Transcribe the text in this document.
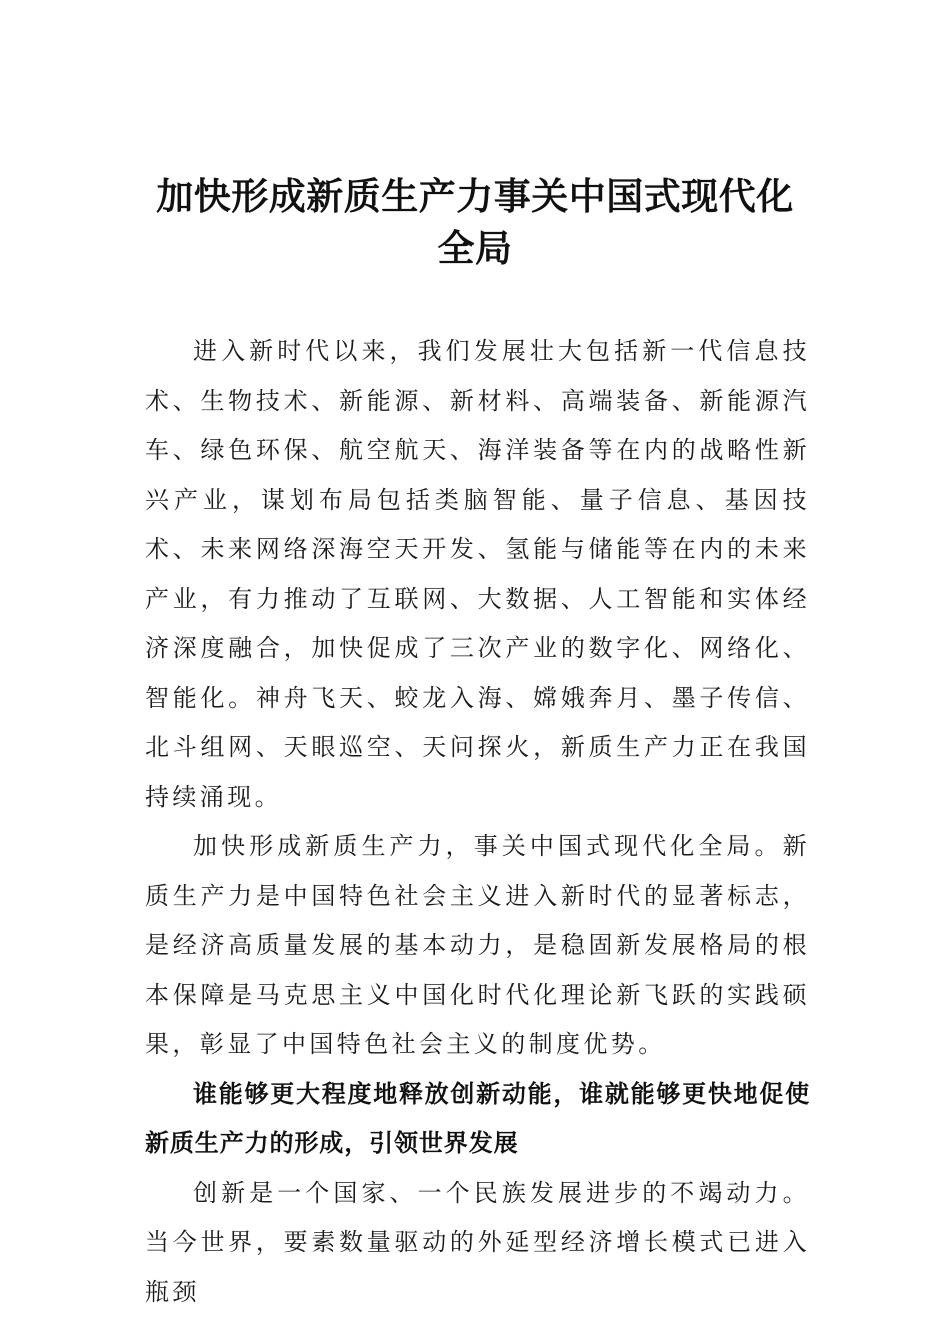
加快形成新质生产力事关中国式现代化全局

进入新时代以来，我们发展壮大包括新一代信息技术、生物技术、新能源、新材料、高端装备、新能源汽车、绿色环保、航空航天、海洋装备等在内的战略性新兴产业，谋划布局包括类脑智能、量子信息、基因技术、未来网络深海空天开发、氢能与储能等在内的未来产业，有力推动了互联网、大数据、人工智能和实体经济深度融合，加快促成了三次产业的数字化、网络化、智能化。神舟飞天、蛟龙入海、嫦娥奔月、墨子传信、北斗组网、天眼巡空、天问探火，新质生产力正在我国持续涌现。

加快形成新质生产力，事关中国式现代化全局。新质生产力是中国特色社会主义进入新时代的显著标志，是经济高质量发展的基本动力，是稳固新发展格局的根本保障是马克思主义中国化时代化理论新飞跃的实践硕果，彰显了中国特色社会主义的制度优势。

谁能够更大程度地释放创新动能，谁就能够更快地促使新质生产力的形成，引领世界发展

创新是一个国家、一个民族发展进步的不竭动力。当今世界，要素数量驱动的外延型经济增长模式已进入瓶颈
